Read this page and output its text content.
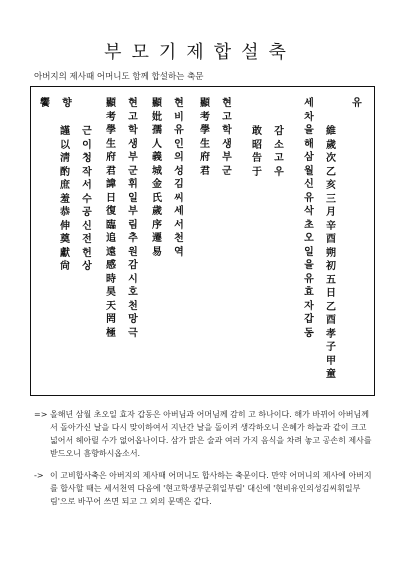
부모기제합설축
아버지의 제사때 어머니도 함께 합설하는 축문
유
維歲次乙亥三月辛酉朔初五日乙酉孝子甲童
세차을해삼월신유삭초오일을유효자갑동
감소고우
敢昭告于
현고학생부군
顯考學生府君
현비유인의성김씨세서천역
顯妣孺人義城金氏歲序遷易
현고학생부군휘일부림추원감시호천망극
顯考學生府君諱日復臨追遠感時昊天罔極
근이청작서수공신전헌상
謹以淸酌庶羞恭伸奠獻尙
향
饗
=> 올해년 삼월 초오일 효자 갑동은 아버님과 어머님께 감히 고 하나이다. 해가 바뀌어 아버님께서 돌아가신 날을 다시 맞이하여서 지난간 날을 돌이켜 생각하오니 은혜가 하늘과 같이 크고 넓어서 헤아릴 수가 없어옵나이다. 삼가 맑은 술과 여러 가지 음식을 차려 놓고 공손히 제사를 받드오니 흠향하시옵소서.
-> 이 고비합사축은 아버지의 제사때 어머니도 합사하는 축문이다. 만약 어머니의 제사에 아버지를 합사할 때는 세서천역 다음에 '현고학생부군휘일부림' 대신에 '현비유인의성김씨휘일부림'으로 바꾸어 쓰면 되고 그 외의 문맥은 같다.
